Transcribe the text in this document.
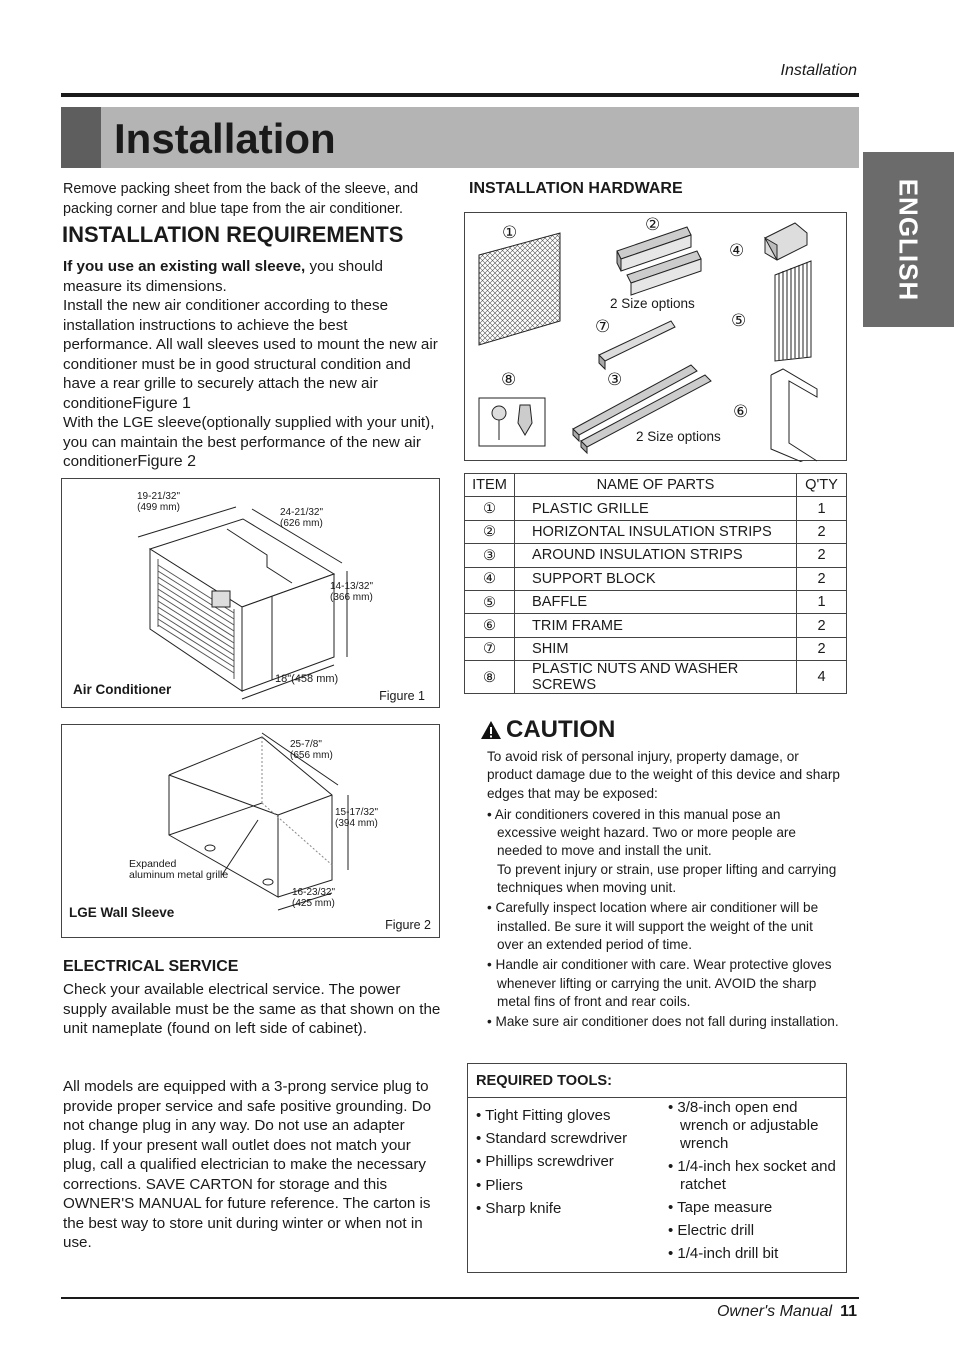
Installation
Installation
ENGLISH
Remove packing sheet from the back of the sleeve, and packing corner and blue tape from the air conditioner.
INSTALLATION REQUIREMENTS
If you use an existing wall sleeve, you should measure its dimensions.
Install the new air conditioner according to these installation instructions to achieve the best performance. All wall sleeves used to mount the new air conditioner must be in good structural condition and have a rear grille to securely attach the new air conditioneFigure 1
With the LGE sleeve(optionally supplied with your unit), you can maintain the best performance of the new air conditionerFigure 2
19-21/32"
(499 mm)	24-21/32"
(626 mm)
14-13/32"
(366 mm)
18"(458 mm)
Air Conditioner	Figure 1
25-7/8"
(656 mm)
15-17/32"
(394 mm)
16-23/32"
(425 mm)
Expanded
aluminum metal grille
LGE Wall Sleeve
Figure 2
ELECTRICAL SERVICE
Check your available electrical service. The power supply available must be the same as that shown on the unit nameplate (found on left side of cabinet).
All models are equipped with a 3-prong service plug to provide proper service and safe positive grounding. Do not change plug in any way. Do not use an adapter plug. If your present wall outlet does not match your plug, call a qualified electrician to make the necessary corrections. SAVE CARTON for storage and this OWNER'S MANUAL for future reference. The carton is the best way to store unit during winter or when not in use.
INSTALLATION HARDWARE
①	②
③
④
⑤
⑥
⑦
⑧
2 Size options
2 Size options
ITEM	NAME OF PARTS	Q'TY
①	PLASTIC GRILLE	1
②	HORIZONTAL INSULATION STRIPS	2
③	AROUND INSULATION STRIPS	2
④	SUPPORT BLOCK	2
⑤	BAFFLE	1
⑥	TRIM FRAME	2
⑦	SHIM	2
⑧	PLASTIC NUTS AND WASHER SCREWS	4
CAUTION
To avoid risk of personal injury, property damage, or product damage due to the weight of this device and sharp edges that may be exposed:
• Air conditioners covered in this manual pose an excessive weight hazard. Two or more people are needed to move and install the unit.
To prevent injury or strain, use proper lifting and carrying techniques when moving unit.
• Carefully inspect location where air conditioner will be installed. Be sure it will support the weight of the unit over an extended period of time.
• Handle air conditioner with care. Wear protective gloves whenever lifting or carrying the unit. AVOID the sharp metal fins of front and rear coils.
• Make sure air conditioner does not fall during installation.
REQUIRED TOOLS:
• Tight Fitting gloves
• Standard screwdriver
• Phillips screwdriver
• Pliers
• Sharp knife
• 3/8-inch open end wrench or adjustable wrench
• 1/4-inch hex socket and ratchet
• Tape measure
• Electric drill
• 1/4-inch drill bit
Owner's Manual 11
